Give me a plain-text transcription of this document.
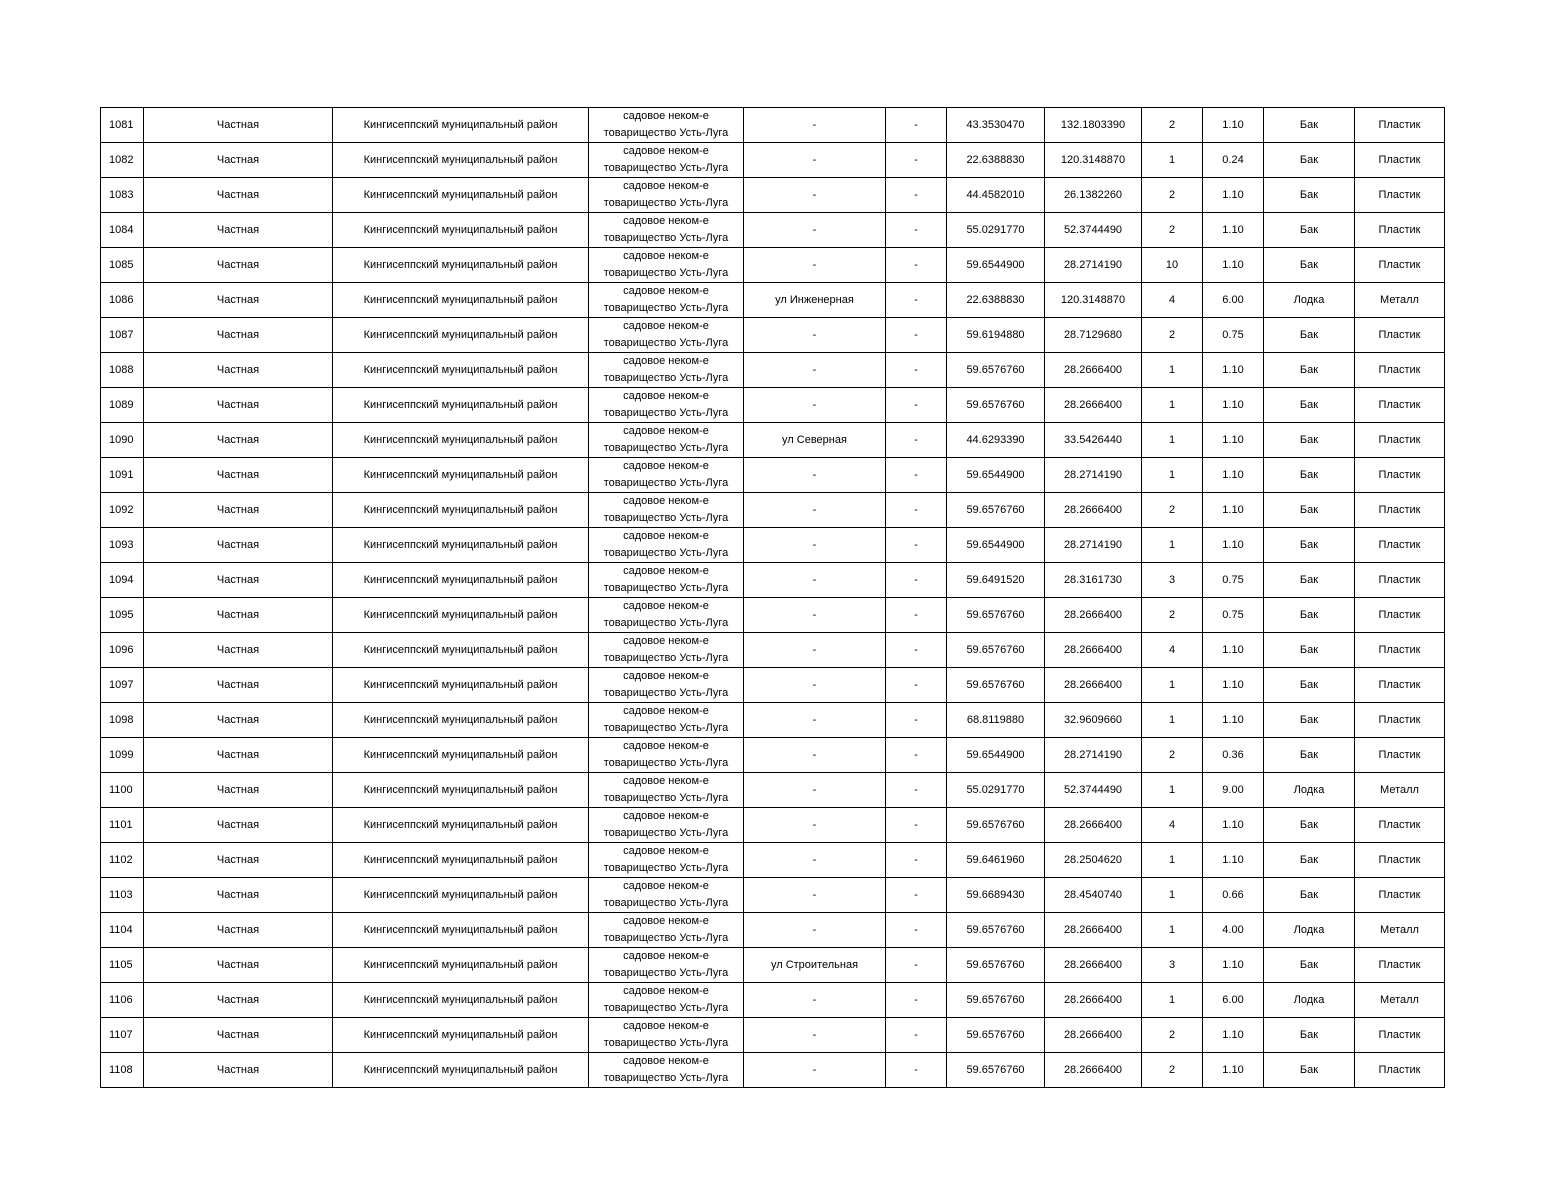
1081	Частная	Кингисеппский муниципальный район	садовое неком-е
товарищество Усть-Луга	-	-	43.3530470	132.1803390	2	1.10	Бак	Пластик
1082	Частная	Кингисеппский муниципальный район	садовое неком-е
товарищество Усть-Луга	-	-	22.6388830	120.3148870	1	0.24	Бак	Пластик
1083	Частная	Кингисеппский муниципальный район	садовое неком-е
товарищество Усть-Луга	-	-	44.4582010	26.1382260	2	1.10	Бак	Пластик
1084	Частная	Кингисеппский муниципальный район	садовое неком-е
товарищество Усть-Луга	-	-	55.0291770	52.3744490	2	1.10	Бак	Пластик
1085	Частная	Кингисеппский муниципальный район	садовое неком-е
товарищество Усть-Луга	-	-	59.6544900	28.2714190	10	1.10	Бак	Пластик
1086	Частная	Кингисеппский муниципальный район	садовое неком-е
товарищество Усть-Луга	ул Инженерная	-	22.6388830	120.3148870	4	6.00	Лодка	Металл
1087	Частная	Кингисеппский муниципальный район	садовое неком-е
товарищество Усть-Луга	-	-	59.6194880	28.7129680	2	0.75	Бак	Пластик
1088	Частная	Кингисеппский муниципальный район	садовое неком-е
товарищество Усть-Луга	-	-	59.6576760	28.2666400	1	1.10	Бак	Пластик
1089	Частная	Кингисеппский муниципальный район	садовое неком-е
товарищество Усть-Луга	-	-	59.6576760	28.2666400	1	1.10	Бак	Пластик
1090	Частная	Кингисеппский муниципальный район	садовое неком-е
товарищество Усть-Луга	ул Северная	-	44.6293390	33.5426440	1	1.10	Бак	Пластик
1091	Частная	Кингисеппский муниципальный район	садовое неком-е
товарищество Усть-Луга	-	-	59.6544900	28.2714190	1	1.10	Бак	Пластик
1092	Частная	Кингисеппский муниципальный район	садовое неком-е
товарищество Усть-Луга	-	-	59.6576760	28.2666400	2	1.10	Бак	Пластик
1093	Частная	Кингисеппский муниципальный район	садовое неком-е
товарищество Усть-Луга	-	-	59.6544900	28.2714190	1	1.10	Бак	Пластик
1094	Частная	Кингисеппский муниципальный район	садовое неком-е
товарищество Усть-Луга	-	-	59.6491520	28.3161730	3	0.75	Бак	Пластик
1095	Частная	Кингисеппский муниципальный район	садовое неком-е
товарищество Усть-Луга	-	-	59.6576760	28.2666400	2	0.75	Бак	Пластик
1096	Частная	Кингисеппский муниципальный район	садовое неком-е
товарищество Усть-Луга	-	-	59.6576760	28.2666400	4	1.10	Бак	Пластик
1097	Частная	Кингисеппский муниципальный район	садовое неком-е
товарищество Усть-Луга	-	-	59.6576760	28.2666400	1	1.10	Бак	Пластик
1098	Частная	Кингисеппский муниципальный район	садовое неком-е
товарищество Усть-Луга	-	-	68.8119880	32.9609660	1	1.10	Бак	Пластик
1099	Частная	Кингисеппский муниципальный район	садовое неком-е
товарищество Усть-Луга	-	-	59.6544900	28.2714190	2	0.36	Бак	Пластик
1100	Частная	Кингисеппский муниципальный район	садовое неком-е
товарищество Усть-Луга	-	-	55.0291770	52.3744490	1	9.00	Лодка	Металл
1101	Частная	Кингисеппский муниципальный район	садовое неком-е
товарищество Усть-Луга	-	-	59.6576760	28.2666400	4	1.10	Бак	Пластик
1102	Частная	Кингисеппский муниципальный район	садовое неком-е
товарищество Усть-Луга	-	-	59.6461960	28.2504620	1	1.10	Бак	Пластик
1103	Частная	Кингисеппский муниципальный район	садовое неком-е
товарищество Усть-Луга	-	-	59.6689430	28.4540740	1	0.66	Бак	Пластик
1104	Частная	Кингисеппский муниципальный район	садовое неком-е
товарищество Усть-Луга	-	-	59.6576760	28.2666400	1	4.00	Лодка	Металл
1105	Частная	Кингисеппский муниципальный район	садовое неком-е
товарищество Усть-Луга	ул Строительная	-	59.6576760	28.2666400	3	1.10	Бак	Пластик
1106	Частная	Кингисеппский муниципальный район	садовое неком-е
товарищество Усть-Луга	-	-	59.6576760	28.2666400	1	6.00	Лодка	Металл
1107	Частная	Кингисеппский муниципальный район	садовое неком-е
товарищество Усть-Луга	-	-	59.6576760	28.2666400	2	1.10	Бак	Пластик
1108	Частная	Кингисеппский муниципальный район	садовое неком-е
товарищество Усть-Луга	-	-	59.6576760	28.2666400	2	1.10	Бак	Пластик
